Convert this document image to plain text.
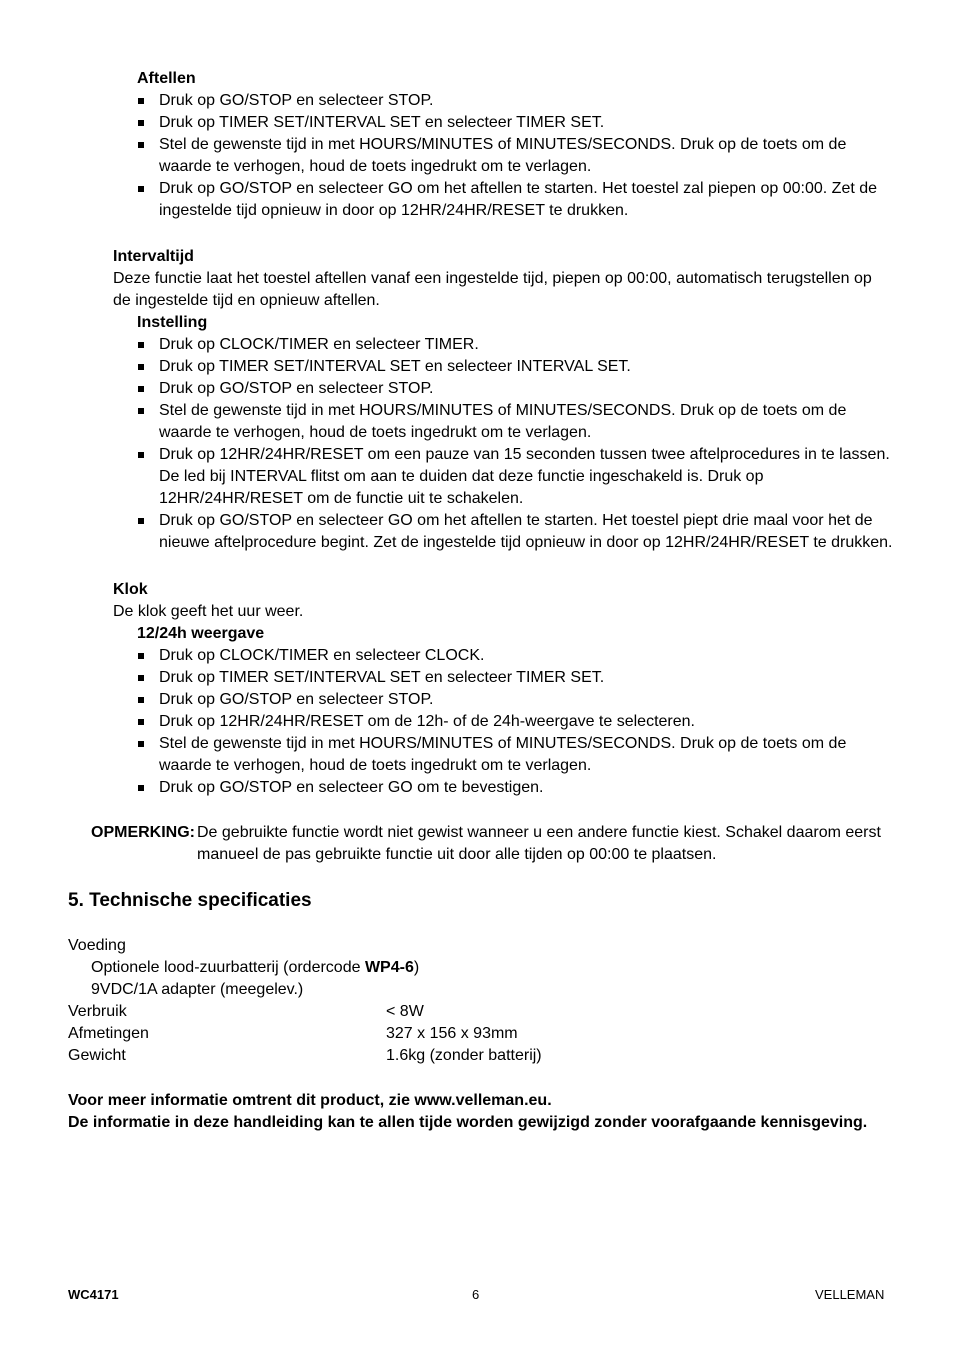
Aftellen
Druk op GO/STOP en selecteer STOP.
Druk op TIMER SET/INTERVAL SET en selecteer TIMER SET.
Stel de gewenste tijd in met HOURS/MINUTES of MINUTES/SECONDS. Druk op de toets om de waarde te verhogen, houd de toets ingedrukt om te verlagen.
Druk op GO/STOP en selecteer GO om het aftellen te starten. Het toestel zal piepen op 00:00. Zet de ingestelde tijd opnieuw in door op 12HR/24HR/RESET te drukken.
Intervaltijd
Deze functie laat het toestel aftellen vanaf een ingestelde tijd, piepen op 00:00, automatisch terugstellen op de ingestelde tijd en opnieuw aftellen.
Instelling
Druk op CLOCK/TIMER en selecteer TIMER.
Druk op TIMER SET/INTERVAL SET en selecteer INTERVAL SET.
Druk op GO/STOP en selecteer STOP.
Stel de gewenste tijd in met HOURS/MINUTES of MINUTES/SECONDS. Druk op de toets om de waarde te verhogen, houd de toets ingedrukt om te verlagen.
Druk op 12HR/24HR/RESET om een pauze van 15 seconden tussen twee aftelprocedures in te lassen. De led bij INTERVAL flitst om aan te duiden dat deze functie ingeschakeld is. Druk op 12HR/24HR/RESET om de functie uit te schakelen.
Druk op GO/STOP en selecteer GO om het aftellen te starten. Het toestel piept drie maal voor het de nieuwe aftelprocedure begint. Zet de ingestelde tijd opnieuw in door op 12HR/24HR/RESET te drukken.
Klok
De klok geeft het uur weer.
12/24h weergave
Druk op CLOCK/TIMER en selecteer CLOCK.
Druk op TIMER SET/INTERVAL SET en selecteer TIMER SET.
Druk op GO/STOP en selecteer STOP.
Druk op 12HR/24HR/RESET om de 12h- of de 24h-weergave te selecteren.
Stel de gewenste tijd in met HOURS/MINUTES of MINUTES/SECONDS. Druk op de toets om de waarde te verhogen, houd de toets ingedrukt om te verlagen.
Druk op GO/STOP en selecteer GO om te bevestigen.
OPMERKING: De gebruikte functie wordt niet gewist wanneer u een andere functie kiest. Schakel daarom eerst
manueel de pas gebruikte functie uit door alle tijden op 00:00 te plaatsen.
5. Technische specificaties
Voeding
Optionele lood-zuurbatterij (ordercode WP4-6)
9VDC/1A adapter (meegelev.)
Verbruik	< 8W
Afmetingen	327 x 156 x 93mm
Gewicht	1.6kg (zonder batterij)
Voor meer informatie omtrent dit product, zie www.velleman.eu.
De informatie in deze handleiding kan te allen tijde worden gewijzigd zonder voorafgaande kennisgeving.
WC4171	6	VELLEMAN
